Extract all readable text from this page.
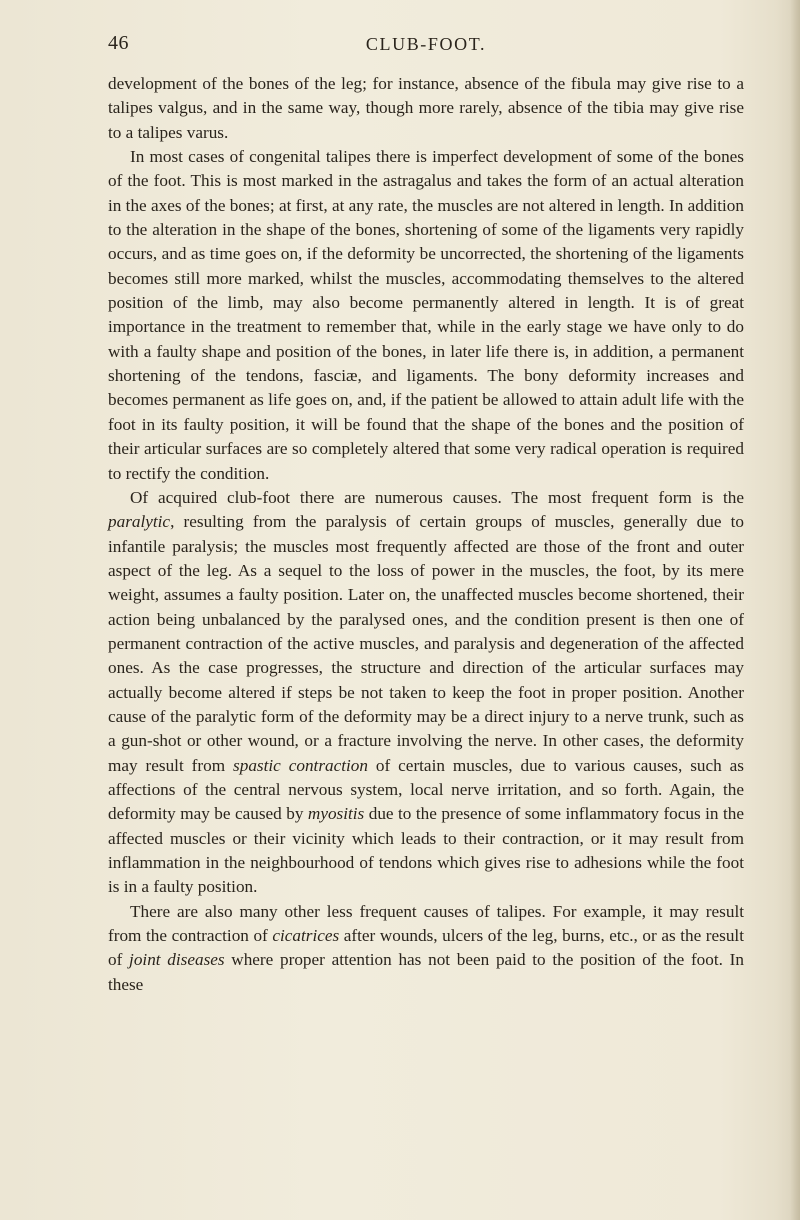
46	CLUB-FOOT.

development of the bones of the leg; for instance, absence of the fibula may give rise to a talipes valgus, and in the same way, though more rarely, absence of the tibia may give rise to a talipes varus.

In most cases of congenital talipes there is imperfect development of some of the bones of the foot. This is most marked in the astragalus and takes the form of an actual alteration in the axes of the bones; at first, at any rate, the muscles are not altered in length. In addition to the alteration in the shape of the bones, shortening of some of the ligaments very rapidly occurs, and as time goes on, if the deformity be uncorrected, the shortening of the ligaments becomes still more marked, whilst the muscles, accommodating themselves to the altered position of the limb, may also become permanently altered in length. It is of great importance in the treatment to remember that, while in the early stage we have only to do with a faulty shape and position of the bones, in later life there is, in addition, a permanent shortening of the tendons, fasciæ, and ligaments. The bony deformity increases and becomes permanent as life goes on, and, if the patient be allowed to attain adult life with the foot in its faulty position, it will be found that the shape of the bones and the position of their articular surfaces are so completely altered that some very radical operation is required to rectify the condition.

Of acquired club-foot there are numerous causes. The most frequent form is the paralytic, resulting from the paralysis of certain groups of muscles, generally due to infantile paralysis; the muscles most frequently affected are those of the front and outer aspect of the leg. As a sequel to the loss of power in the muscles, the foot, by its mere weight, assumes a faulty position. Later on, the unaffected muscles become shortened, their action being unbalanced by the paralysed ones, and the condition present is then one of permanent contraction of the active muscles, and paralysis and degeneration of the affected ones. As the case progresses, the structure and direction of the articular surfaces may actually become altered if steps be not taken to keep the foot in proper position. Another cause of the paralytic form of the deformity may be a direct injury to a nerve trunk, such as a gun-shot or other wound, or a fracture involving the nerve. In other cases, the deformity may result from spastic contraction of certain muscles, due to various causes, such as affections of the central nervous system, local nerve irritation, and so forth. Again, the deformity may be caused by myositis due to the presence of some inflammatory focus in the affected muscles or their vicinity which leads to their contraction, or it may result from inflammation in the neighbourhood of tendons which gives rise to adhesions while the foot is in a faulty position.

There are also many other less frequent causes of talipes. For example, it may result from the contraction of cicatrices after wounds, ulcers of the leg, burns, etc., or as the result of joint diseases where proper attention has not been paid to the position of the foot. In these
